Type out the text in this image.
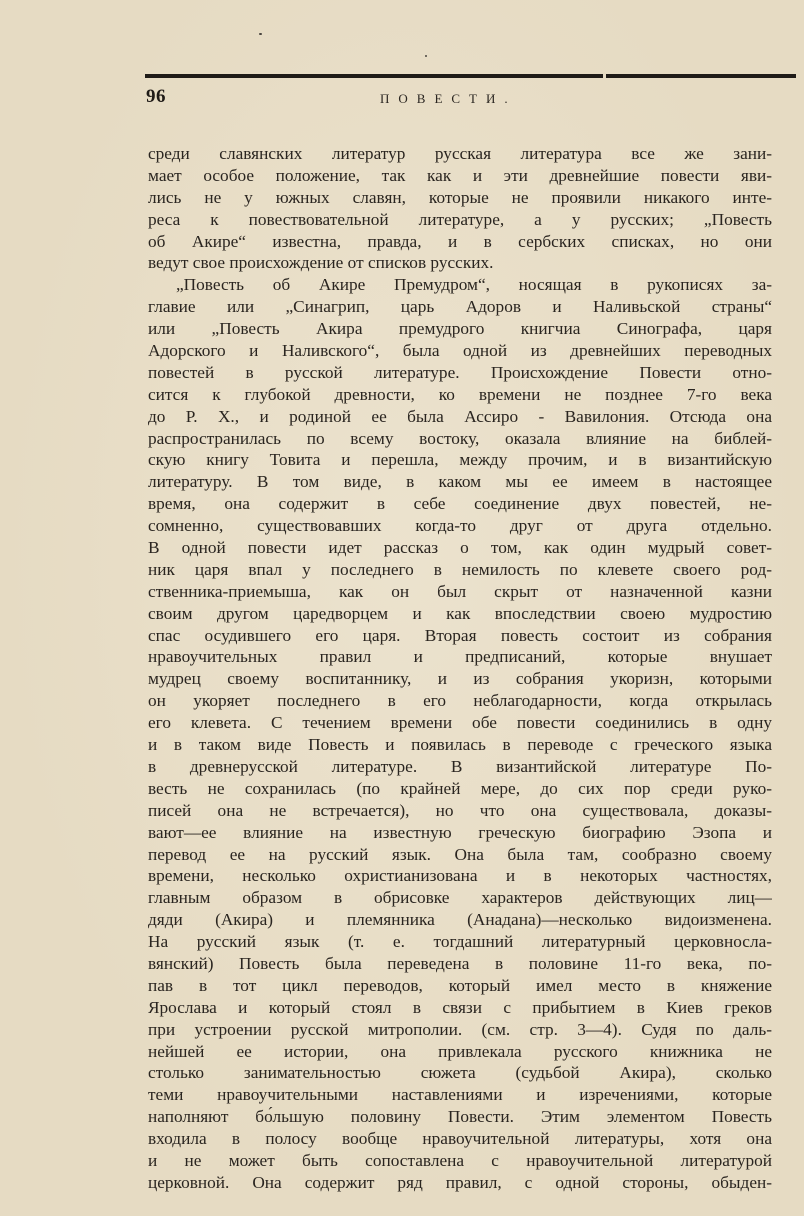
96	ПОВЕСТИ.
среди славянских литератур русская литература все же зани-
мает особое положение, так как и эти древнейшие повести яви-
лись не у южных славян, которые не проявили никакого инте-
реса к повествовательной литературе, а у русских; „Повесть
об Акире“ известна, правда, и в сербских списках, но они
ведут свое происхождение от списков русских.
„Повесть об Акире Премудром“, носящая в рукописях за-
главие или „Синагрип, царь Адоров и Наливьской страны“
или „Повесть Акира премудрого книгчиа Синографа, царя
Адорского и Наливского“, была одной из древнейших переводных
повестей в русской литературе. Происхождение Повести отно-
сится к глубокой древности, ко времени не позднее 7-го века
до Р. Х., и родиной ее была Ассиро - Вавилония. Отсюда она
распространилась по всему востоку, оказала влияние на библей-
скую книгу Товита и перешла, между прочим, и в византийскую
литературу. В том виде, в каком мы ее имеем в настоящее
время, она содержит в себе соединение двух повестей, не-
сомненно, существовавших когда-то друг от друга отдельно.
В одной повести идет рассказ о том, как один мудрый совет-
ник царя впал у последнего в немилость по клевете своего род-
ственника-приемыша, как он был скрыт от назначенной казни
своим другом царедворцем и как впоследствии своею мудростию
спас осудившего его царя. Вторая повесть состоит из собрания
нравоучительных правил и предписаний, которые внушает
мудрец своему воспитаннику, и из собрания укоризн, которыми
он укоряет последнего в его неблагодарности, когда открылась
его клевета. С течением времени обе повести соединились в одну
и в таком виде Повесть и появилась в переводе с греческого языка
в древнерусской литературе. В византийской литературе По-
весть не сохранилась (по крайней мере, до сих пор среди руко-
писей она не встречается), но что она существовала, доказы-
вают—ее влияние на известную греческую биографию Эзопа и
перевод ее на русский язык. Она была там, сообразно своему
времени, несколько охристианизована и в некоторых частностях,
главным образом в обрисовке характеров действующих лиц—
дяди (Акира) и племянника (Анадана)—несколько видоизменена.
На русский язык (т. е. тогдашний литературный церковносла-
вянский) Повесть была переведена в половине 11-го века, по-
пав в тот цикл переводов, который имел место в княжение
Ярослава и который стоял в связи с прибытием в Киев греков
при устроении русской митрополии. (см. стр. 3—4). Судя по даль-
нейшей ее истории, она привлекала русского книжника не
столько занимательностью сюжета (судьбой Акира), сколько
теми нравоучительными наставлениями и изречениями, которые
наполняют бо́льшую половину Повести. Этим элементом Повесть
входила в полосу вообще нравоучительной литературы, хотя она
и не может быть сопоставлена с нравоучительной литературой
церковной. Она содержит ряд правил, с одной стороны, обыден-
